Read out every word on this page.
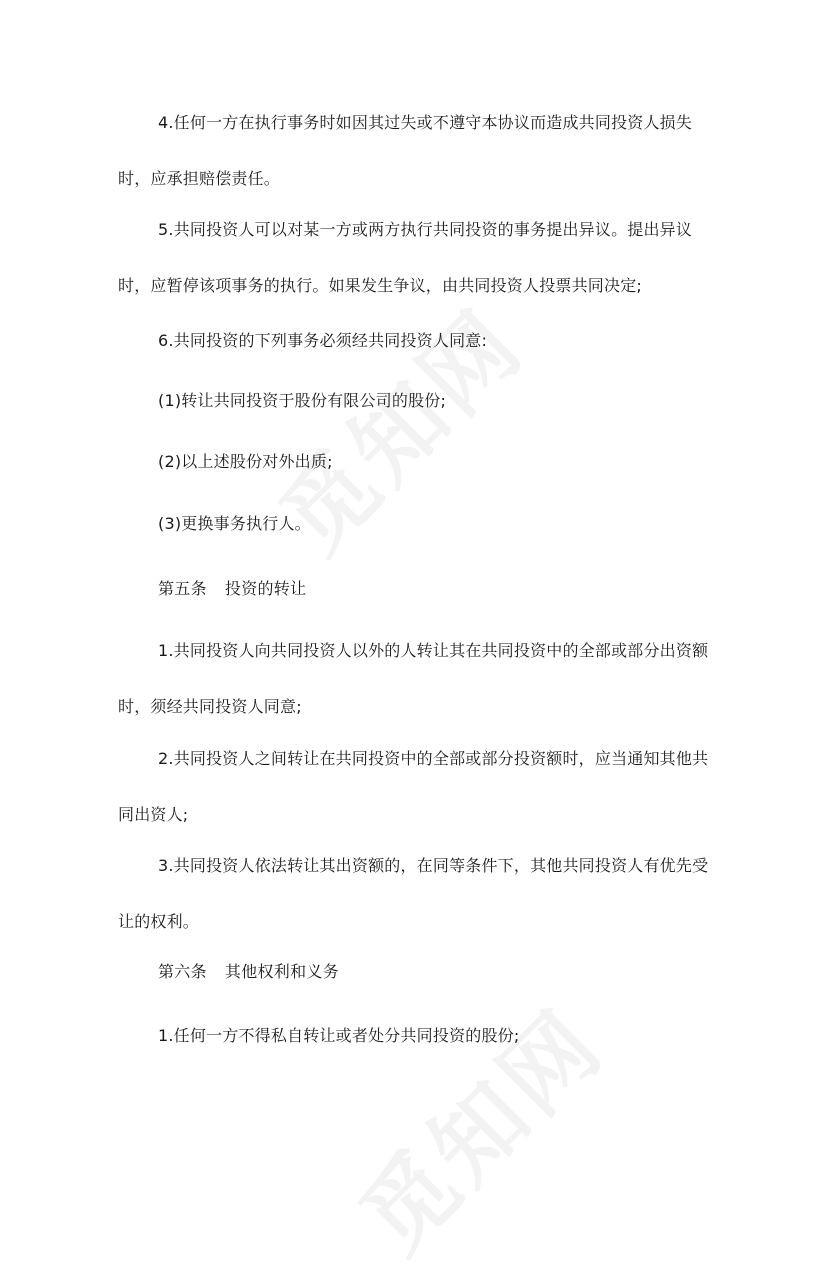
4.任何一方在执行事务时如因其过失或不遵守本协议而造成共同投资人损失时，应承担赔偿责任。

5.共同投资人可以对某一方或两方执行共同投资的事务提出异议。提出异议时，应暂停该项事务的执行。如果发生争议，由共同投资人投票共同决定;

6.共同投资的下列事务必须经共同投资人同意:

(1)转让共同投资于股份有限公司的股份;

(2)以上述股份对外出质;

(3)更换事务执行人。

第五条 投资的转让

1.共同投资人向共同投资人以外的人转让其在共同投资中的全部或部分出资额时，须经共同投资人同意;

2.共同投资人之间转让在共同投资中的全部或部分投资额时，应当通知其他共同出资人;

3.共同投资人依法转让其出资额的，在同等条件下，其他共同投资人有优先受让的权利。

第六条 其他权利和义务

1.任何一方不得私自转让或者处分共同投资的股份;
